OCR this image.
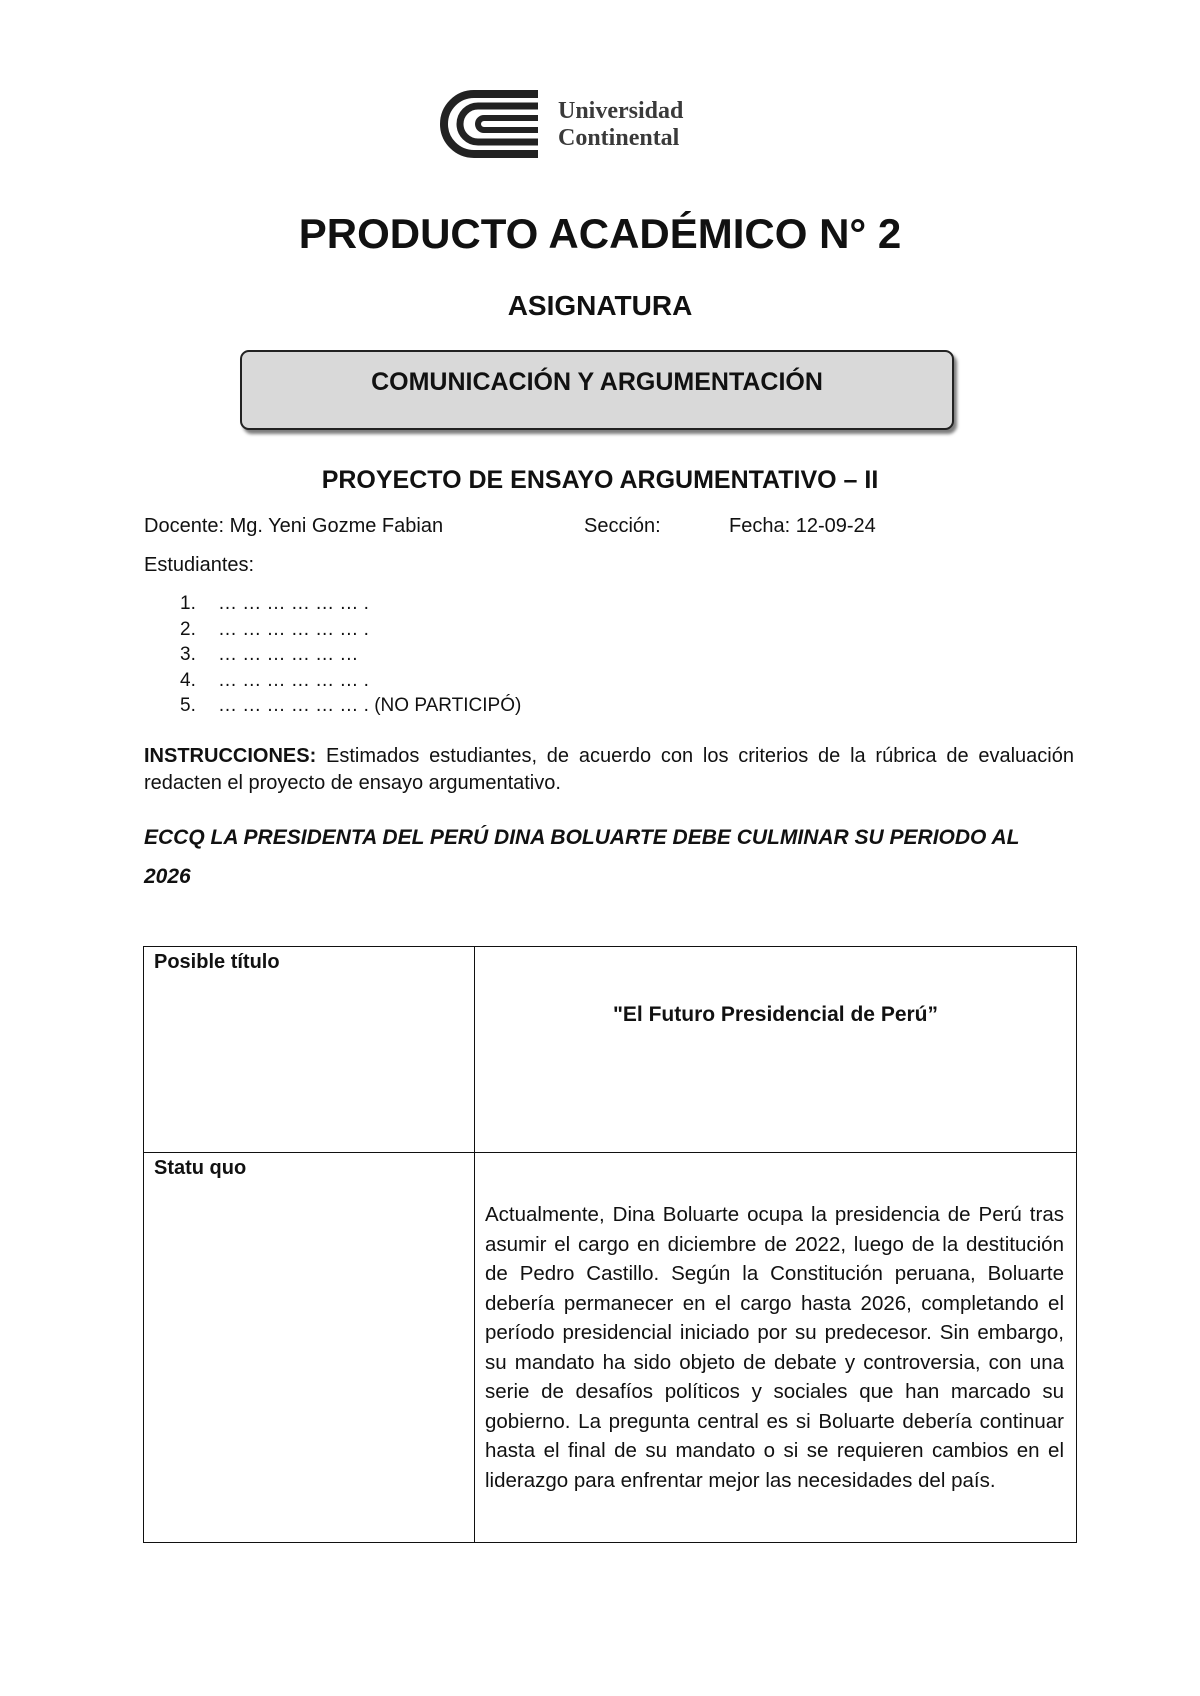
Universidad
Continental
PRODUCTO ACADÉMICO N° 2
ASIGNATURA
COMUNICACIÓN Y ARGUMENTACIÓN
PROYECTO DE ENSAYO ARGUMENTATIVO – II
Docente: Mg. Yeni Gozme Fabian	Sección:	Fecha: 12-09-24
Estudiantes:
1. … … … … … … .
2. … … … … … … .
3. … … … … … …
4. … … … … … … .
5. … … … … … … . (NO PARTICIPÓ)
INSTRUCCIONES: Estimados estudiantes, de acuerdo con los criterios de la rúbrica de evaluación redacten el proyecto de ensayo argumentativo.
ECCQ LA PRESIDENTA DEL PERÚ DINA BOLUARTE DEBE CULMINAR SU PERIODO AL 2026
Posible título	"El Futuro Presidencial de Perú”

Statu quo	Actualmente, Dina Boluarte ocupa la presidencia de Perú tras asumir el cargo en diciembre de 2022, luego de la destitución de Pedro Castillo. Según la Constitución peruana, Boluarte debería permanecer en el cargo hasta 2026, completando el período presidencial iniciado por su predecesor. Sin embargo, su mandato ha sido objeto de debate y controversia, con una serie de desafíos políticos y sociales que han marcado su gobierno. La pregunta central es si Boluarte debería continuar hasta el final de su mandato o si se requieren cambios en el liderazgo para enfrentar mejor las necesidades del país.
